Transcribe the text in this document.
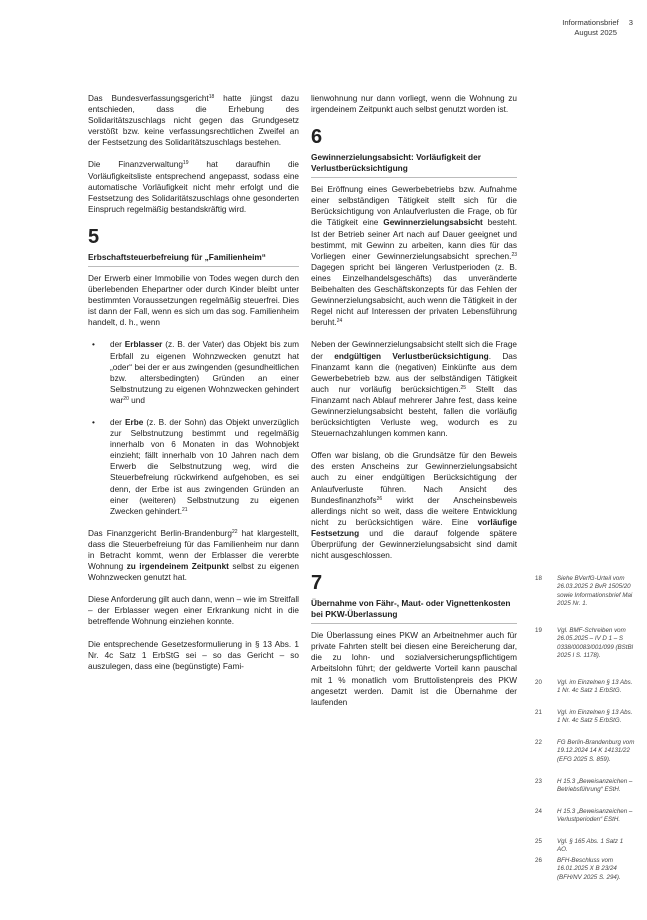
Informationsbrief 3
August 2025

Das Bundesverfassungsgericht$^{18}$ hatte jüngst dazu entschieden, dass die Erhebung des Solidaritätszuschlags nicht gegen das Grundgesetz verstößt bzw. keine verfassungsrechtlichen Zweifel an der Festsetzung des Solidaritätszuschlags bestehen.

Die Finanzverwaltung$^{19}$ hat daraufhin die Vorläufigkeitsliste entsprechend angepasst, sodass eine automatische Vorläufigkeit nicht mehr erfolgt und die Festsetzung des Solidaritätszuschlags ohne gesonderten Einspruch regelmäßig bestandskräftig wird.

5
Erbschaftsteuerbefreiung für „Familienheim“

Der Erwerb einer Immobilie von Todes wegen durch den überlebenden Ehepartner oder durch Kinder bleibt unter bestimmten Voraussetzungen regelmäßig steuerfrei. Dies ist dann der Fall, wenn es sich um das sog. Familienheim handelt, d. h., wenn

• der Erblasser (z. B. der Vater) das Objekt bis zum Erbfall zu eigenen Wohnzwecken genutzt hat „oder“ bei der er aus zwingenden (gesundheitlichen bzw. altersbedingten) Gründen an einer Selbstnutzung zu eigenen Wohnzwecken gehindert war$^{20}$ und
• der Erbe (z. B. der Sohn) das Objekt unverzüglich zur Selbstnutzung bestimmt und regelmäßig innerhalb von 6 Monaten in das Wohnobjekt einzieht; fällt innerhalb von 10 Jahren nach dem Erwerb die Selbstnutzung weg, wird die Steuerbefreiung rückwirkend aufgehoben, es sei denn, der Erbe ist aus zwingenden Gründen an einer (weiteren) Selbstnutzung zu eigenen Zwecken gehindert.$^{21}$

Das Finanzgericht Berlin-Brandenburg$^{22}$ hat klargestellt, dass die Steuerbefreiung für das Familienheim nur dann in Betracht kommt, wenn der Erblasser die vererbte Wohnung zu irgendeinem Zeitpunkt selbst zu eigenen Wohnzwecken genutzt hat.

Diese Anforderung gilt auch dann, wenn – wie im Streitfall – der Erblasser wegen einer Erkrankung nicht in die betreffende Wohnung einziehen konnte.

Die entsprechende Gesetzesformulierung in § 13 Abs. 1 Nr. 4c Satz 1 ErbStG sei – so das Gericht – so auszulegen, dass eine (begünstigte) Fami-

lienwohnung nur dann vorliegt, wenn die Wohnung zu irgendeinem Zeitpunkt auch selbst genutzt worden ist.

6
Gewinnerzielungsabsicht: Vorläufigkeit der Verlustberücksichtigung

Bei Eröffnung eines Gewerbebetriebs bzw. Aufnahme einer selbständigen Tätigkeit stellt sich für die Berücksichtigung von Anlaufverlusten die Frage, ob für die Tätigkeit eine Gewinnerzielungsabsicht besteht. Ist der Betrieb seiner Art nach auf Dauer geeignet und bestimmt, mit Gewinn zu arbeiten, kann dies für das Vorliegen einer Gewinnerzielungsabsicht sprechen.$^{23}$ Dagegen spricht bei längeren Verlustperioden (z. B. eines Einzelhandelsgeschäfts) das unveränderte Beibehalten des Geschäftskonzepts für das Fehlen der Gewinnerzielungsabsicht, auch wenn die Tätigkeit in der Regel nicht auf Interessen der privaten Lebensführung beruht.$^{24}$

Neben der Gewinnerzielungsabsicht stellt sich die Frage der endgültigen Verlustberücksichtigung. Das Finanzamt kann die (negativen) Einkünfte aus dem Gewerbebetrieb bzw. aus der selbständigen Tätigkeit auch nur vorläufig berücksichtigen.$^{25}$ Stellt das Finanzamt nach Ablauf mehrerer Jahre fest, dass keine Gewinnerzielungsabsicht besteht, fallen die vorläufig berücksichtigten Verluste weg, wodurch es zu Steuernachzahlungen kommen kann.

Offen war bislang, ob die Grundsätze für den Beweis des ersten Anscheins zur Gewinnerzielungsabsicht auch zu einer endgültigen Berücksichtigung der Anlaufverluste führen. Nach Ansicht des Bundesfinanzhofs$^{26}$ wirkt der Anscheinsbeweis allerdings nicht so weit, dass die weitere Entwicklung nicht zu berücksichtigen wäre. Eine vorläufige Festsetzung und die darauf folgende spätere Überprüfung der Gewinnerzielungsabsicht sind damit nicht ausgeschlossen.

7
Übernahme von Fähr-, Maut- oder Vignettenkosten bei PKW-Überlassung

Die Überlassung eines PKW an Arbeitnehmer auch für private Fahrten stellt bei diesen eine Bereicherung dar, die zu lohn- und sozialversicherungspflichtigem Arbeitslohn führt; der geldwerte Vorteil kann pauschal mit 1 % monatlich vom Bruttolistenpreis des PKW angesetzt werden. Damit ist die Übernahme der laufenden

18 Siehe BVerfG-Urteil vom 26.03.2025 2 BvR 1505/20 sowie Informationsbrief Mai 2025 Nr. 1.
19 Vgl. BMF-Schreiben vom 26.05.2025 – IV D 1 – S 0338/00083/001/099 (BStBl 2025 I S. 1178).
20 Vgl. im Einzelnen § 13 Abs. 1 Nr. 4c Satz 1 ErbStG.
21 Vgl. im Einzelnen § 13 Abs. 1 Nr. 4c Satz 5 ErbStG.
22 FG Berlin-Brandenburg vom 19.12.2024 14 K 14131/22 (EFG 2025 S. 859).
23 H 15.3 „Beweisanzeichen – Betriebsführung“ EStH.
24 H 15.3 „Beweisanzeichen – Verlustperioden“ EStH.
25 Vgl. § 165 Abs. 1 Satz 1 AO.
26 BFH-Beschluss vom 16.01.2025 X B 23/24 (BFH/NV 2025 S. 294).
